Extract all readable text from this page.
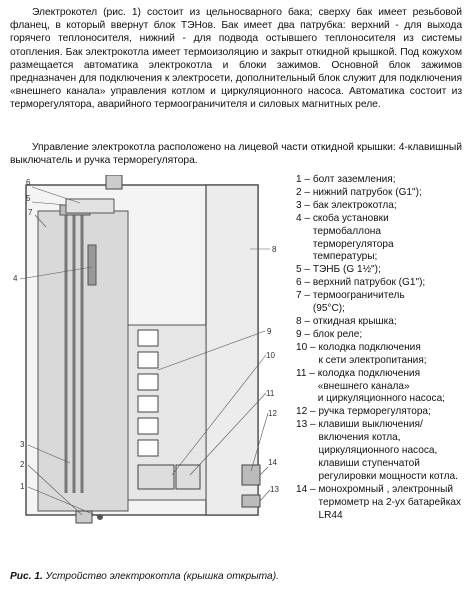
Электрокотел (рис. 1) состоит из цельносварного бака; сверху бак имеет резьбовой фланец, в который ввернут блок ТЭНов. Бак имеет два патрубка: верхний - для выхода горячего теплоносителя, нижний - для подвода остывшего теплоносителя из системы отопления. Бак электрокотла имеет термоизоляцию и закрыт откидной крышкой. Под кожухом размещается автоматика электрокотла и блоки зажимов. Основной блок зажимов предназначен для подключения к электросети, дополнительный блок служит для подключения «внешнего канала» управления котлом и циркуляционного насоса. Автоматика состоит из терморегулятора, аварийного термоограничителя и силовых магнитных реле.

Управление электрокотла расположено на лицевой части откидной крышки: 4-клавишный выключатель и ручка терморегулятора.

6
5
7
4
8
9
10
11
12
3
2
1
14
13
1 – болт заземления;
2 – нижний патрубок (G1");
3 – бак электрокотла;
4 – скоба установки
термобаллона
терморегулятора
температуры;
5 – ТЭНБ (G 1½");
6 – верхний патрубок (G1");
7 – термоограничитель
(95°С);
8 – откидная крышка;
9 – блок реле;
10 – колодка подключения
к сети электропитания;
11 – колодка подключения
«внешнего канала»
и циркуляционного насоса;
12 – ручка терморегулятора;
13 – клавиши выключения/
включения котла,
циркуляционного насоса,
клавиши ступенчатой
регулировки мощности котла.
14 – монохромный , электронный
термометр на 2-ух батарейках
LR44
Рис. 1. Устройство электрокотла (крышка открыта).
